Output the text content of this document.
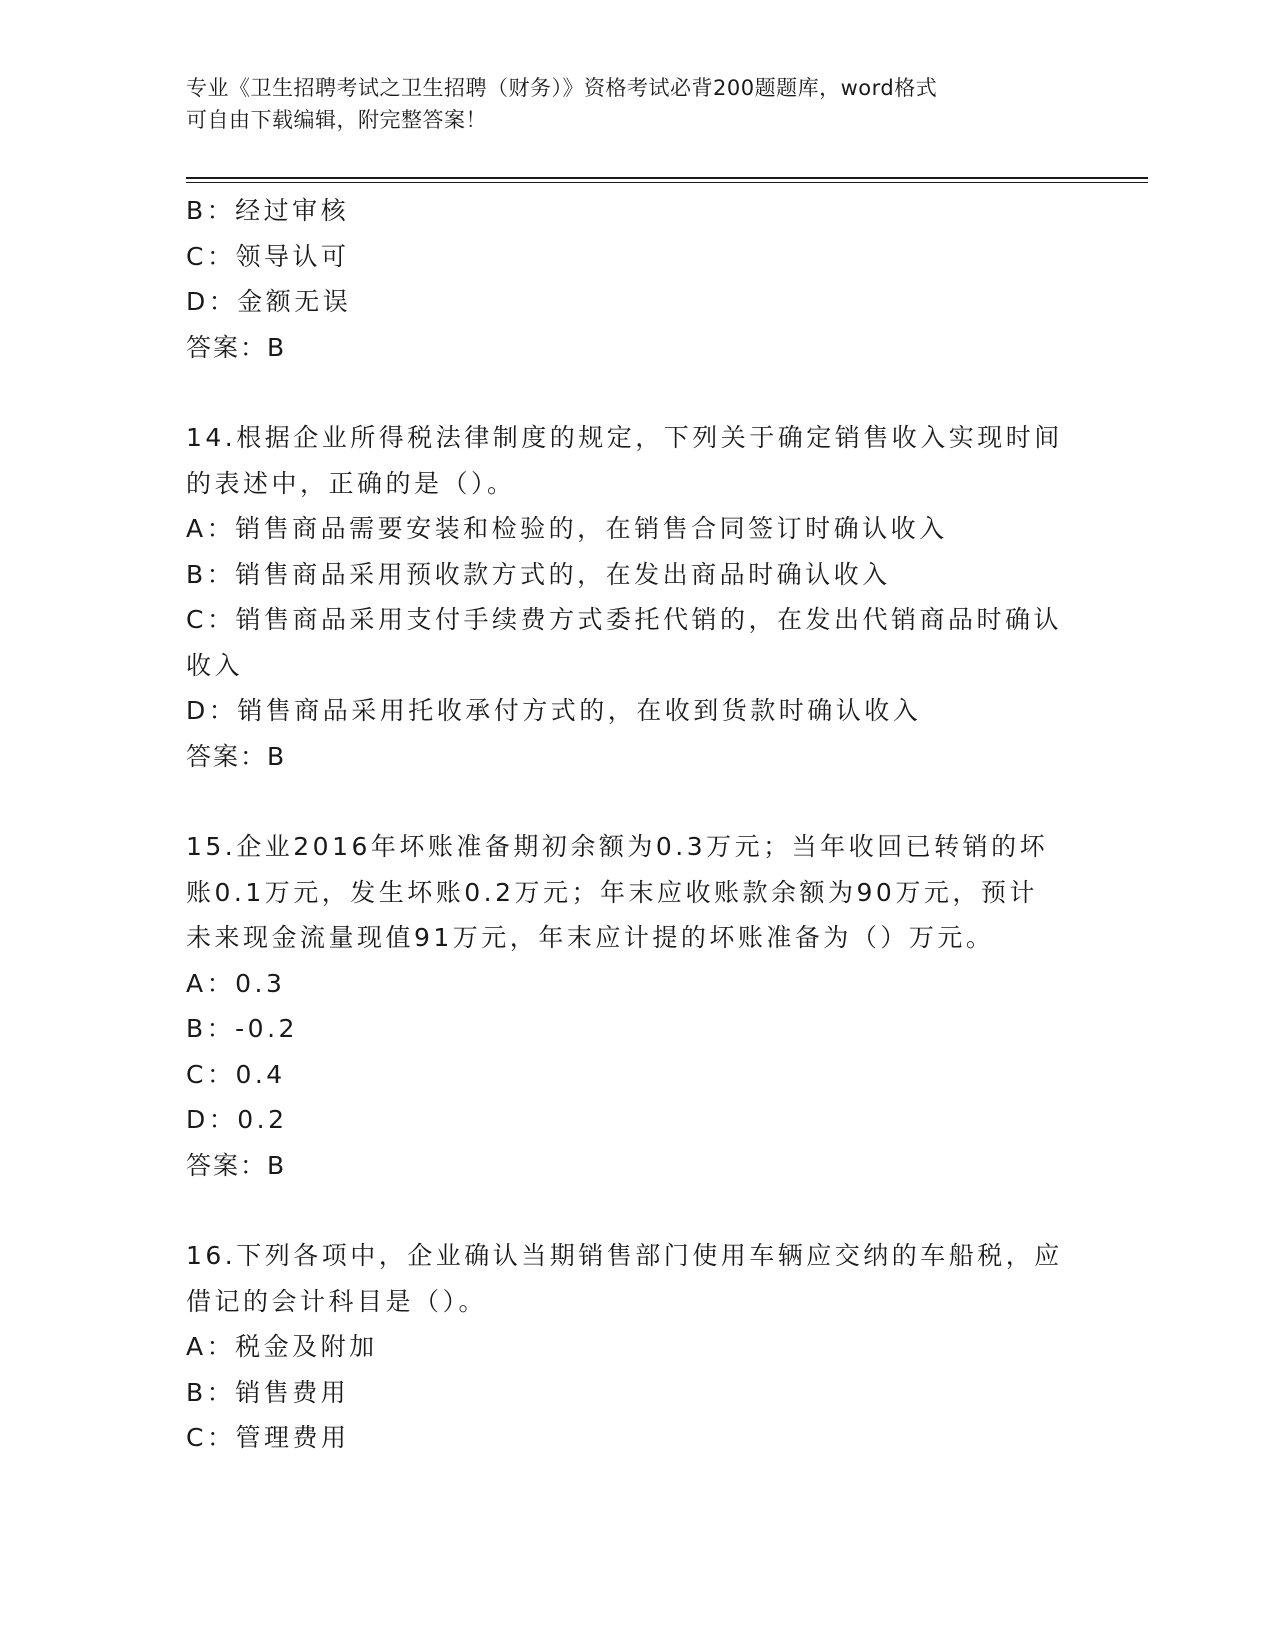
专业《卫生招聘考试之卫生招聘（财务）》资格考试必背200题题库，word格式
可自由下载编辑，附完整答案！
B：经过审核
C：领导认可
D：金额无误
答案：B
14.根据企业所得税法律制度的规定，下列关于确定销售收入实现时间
的表述中，正确的是（）。
A：销售商品需要安装和检验的，在销售合同签订时确认收入
B：销售商品采用预收款方式的，在发出商品时确认收入
C：销售商品采用支付手续费方式委托代销的，在发出代销商品时确认
收入
D：销售商品采用托收承付方式的，在收到货款时确认收入
答案：B
15.企业2016年坏账准备期初余额为0.3万元；当年收回已转销的坏
账0.1万元，发生坏账0.2万元；年末应收账款余额为90万元，预计
未来现金流量现值91万元，年末应计提的坏账准备为（）万元。
A：0.3
B：-0.2
C：0.4
D：0.2
答案：B
16.下列各项中，企业确认当期销售部门使用车辆应交纳的车船税，应
借记的会计科目是（）。
A：税金及附加
B：销售费用
C：管理费用
